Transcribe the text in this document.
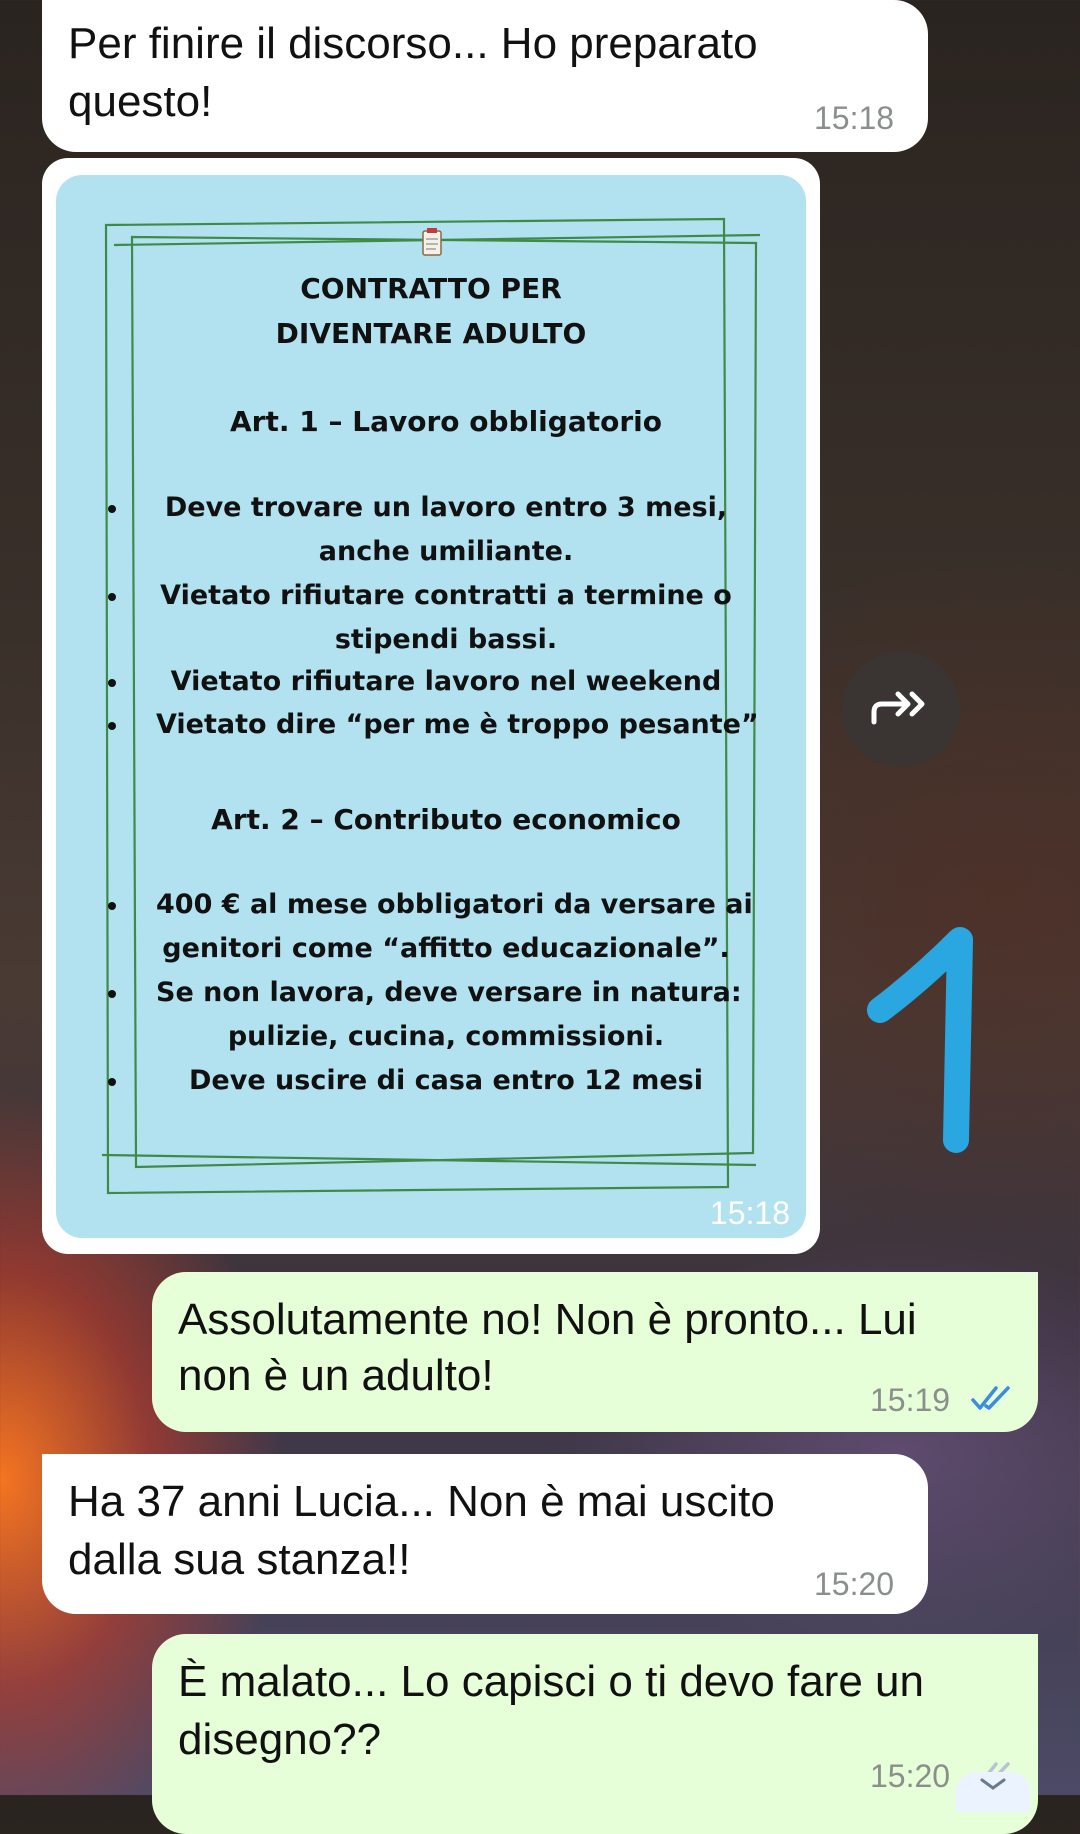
Per finire il discorso... Ho preparato
questo!	15:18
CONTRATTO PER
DIVENTARE ADULTO
Art. 1 – Lavoro obbligatorio
Deve trovare un lavoro entro 3 mesi,
anche umiliante.
Vietato rifiutare contratti a termine o
stipendi bassi.
Vietato rifiutare lavoro nel weekend
Vietato dire “per me è troppo pesante”
Art. 2 – Contributo economico
400 € al mese obbligatori da versare ai
genitori come “affitto educazionale”.
Se non lavora, deve versare in natura:
pulizie, cucina, commissioni.
Deve uscire di casa entro 12 mesi
15:18
Assolutamente no! Non è pronto... Lui
non è un adulto!	15:19
Ha 37 anni Lucia... Non è mai uscito
dalla sua stanza!!	15:20
È malato... Lo capisci o ti devo fare un
disegno??
15:20
